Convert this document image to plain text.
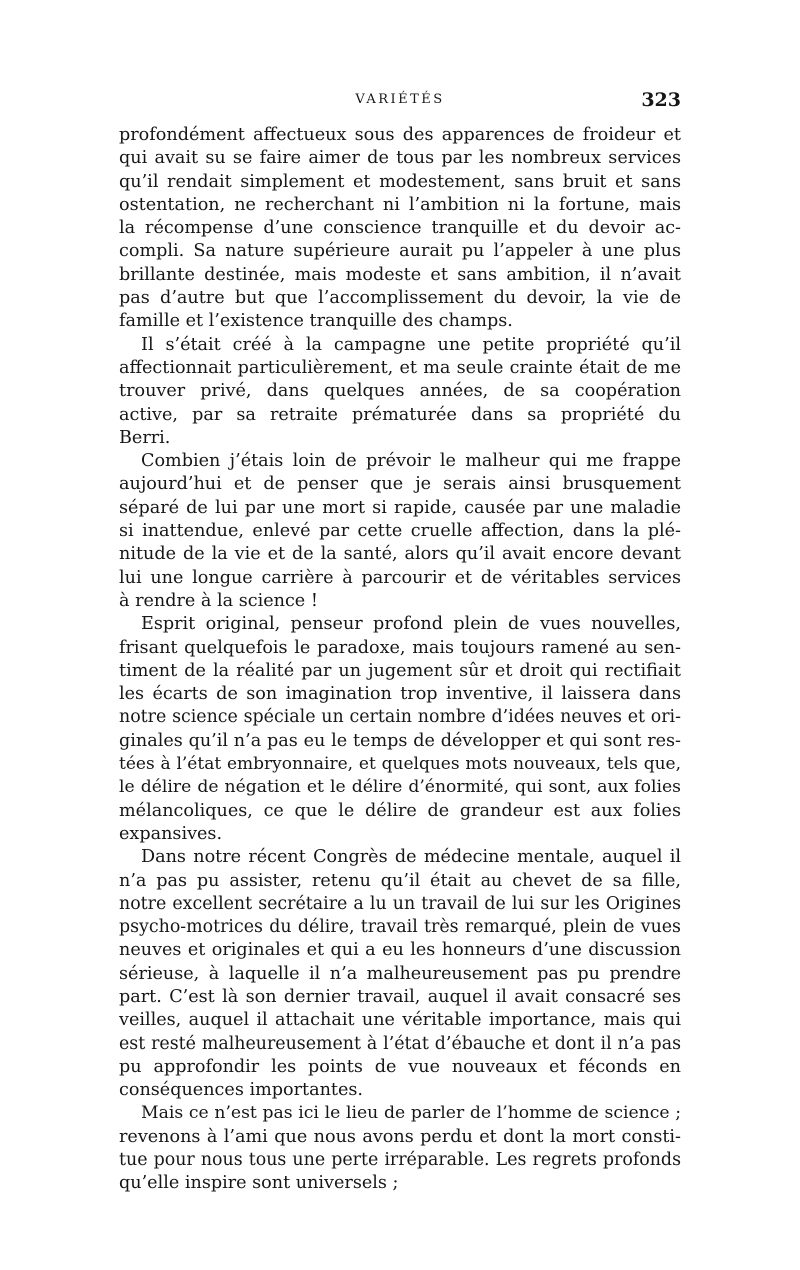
VARIÉTÉS	323
profondément affectueux sous des apparences de froideur et
qui avait su se faire aimer de tous par les nombreux services
qu’il rendait simplement et modestement, sans bruit et sans
ostentation, ne recherchant ni l’ambition ni la fortune, mais
la récompense d’une conscience tranquille et du devoir ac-
compli. Sa nature supérieure aurait pu l’appeler à une plus
brillante destinée, mais modeste et sans ambition, il n’avait
pas d’autre but que l’accomplissement du devoir, la vie de
famille et l’existence tranquille des champs.
Il s’était créé à la campagne une petite propriété qu’il
affectionnait particulièrement, et ma seule crainte était de me
trouver privé, dans quelques années, de sa coopération
active, par sa retraite prématurée dans sa propriété du
Berri.
Combien j’étais loin de prévoir le malheur qui me frappe
aujourd’hui et de penser que je serais ainsi brusquement
séparé de lui par une mort si rapide, causée par une maladie
si inattendue, enlevé par cette cruelle affection, dans la plé-
nitude de la vie et de la santé, alors qu’il avait encore devant
lui une longue carrière à parcourir et de véritables services
à rendre à la science !
Esprit original, penseur profond plein de vues nouvelles,
frisant quelquefois le paradoxe, mais toujours ramené au sen-
timent de la réalité par un jugement sûr et droit qui rectifiait
les écarts de son imagination trop inventive, il laissera dans
notre science spéciale un certain nombre d’idées neuves et ori-
ginales qu’il n’a pas eu le temps de développer et qui sont res-
tées à l’état embryonnaire, et quelques mots nouveaux, tels que,
le délire de négation et le délire d’énormité, qui sont, aux folies
mélancoliques, ce que le délire de grandeur est aux folies
expansives.
Dans notre récent Congrès de médecine mentale, auquel il
n’a pas pu assister, retenu qu’il était au chevet de sa fille,
notre excellent secrétaire a lu un travail de lui sur les Origines
psycho-motrices du délire, travail très remarqué, plein de vues
neuves et originales et qui a eu les honneurs d’une discussion
sérieuse, à laquelle il n’a malheureusement pas pu prendre
part. C’est là son dernier travail, auquel il avait consacré ses
veilles, auquel il attachait une véritable importance, mais qui
est resté malheureusement à l’état d’ébauche et dont il n’a pas
pu approfondir les points de vue nouveaux et féconds en
conséquences importantes.
Mais ce n’est pas ici le lieu de parler de l’homme de science ;
revenons à l’ami que nous avons perdu et dont la mort consti-
tue pour nous tous une perte irréparable. Les regrets profonds
qu’elle inspire sont universels ;
